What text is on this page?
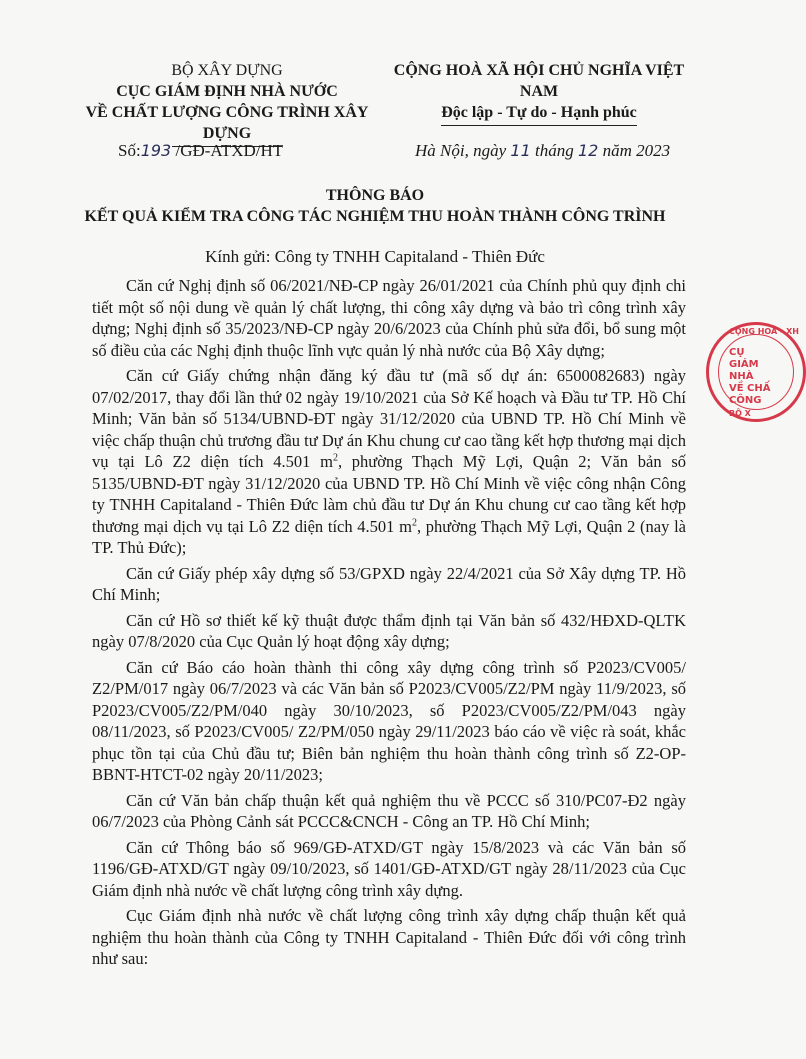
BỘ XÂY DỰNG
CỤC GIÁM ĐỊNH NHÀ NƯỚC
VỀ CHẤT LƯỢNG CÔNG TRÌNH XÂY DỰNG
CỘNG HOÀ XÃ HỘI CHỦ NGHĨA VIỆT NAM
Độc lập - Tự do - Hạnh phúc
Số:193 /GĐ-ATXD/HT	Hà Nội, ngày 11 tháng 12 năm 2023
THÔNG BÁO
KẾT QUẢ KIỂM TRA CÔNG TÁC NGHIỆM THU HOÀN THÀNH CÔNG TRÌNH
Kính gửi: Công ty TNHH Capitaland - Thiên Đức

Căn cứ Nghị định số 06/2021/NĐ-CP ngày 26/01/2021 của Chính phủ quy định chi tiết một số nội dung về quản lý chất lượng, thi công xây dựng và bảo trì công trình xây dựng; Nghị định số 35/2023/NĐ-CP ngày 20/6/2023 của Chính phủ sửa đổi, bổ sung một số điều của các Nghị định thuộc lĩnh vực quản lý nhà nước của Bộ Xây dựng;

Căn cứ Giấy chứng nhận đăng ký đầu tư (mã số dự án: 6500082683) ngày 07/02/2017, thay đổi lần thứ 02 ngày 19/10/2021 của Sở Kế hoạch và Đầu tư TP. Hồ Chí Minh; Văn bản số 5134/UBND-ĐT ngày 31/12/2020 của UBND TP. Hồ Chí Minh về việc chấp thuận chủ trương đầu tư Dự án Khu chung cư cao tầng kết hợp thương mại dịch vụ tại Lô Z2 diện tích 4.501 $m^2$, phường Thạch Mỹ Lợi, Quận 2; Văn bản số 5135/UBND-ĐT ngày 31/12/2020 của UBND TP. Hồ Chí Minh về việc công nhận Công ty TNHH Capitaland - Thiên Đức làm chủ đầu tư Dự án Khu chung cư cao tầng kết hợp thương mại dịch vụ tại Lô Z2 diện tích 4.501 $m^2$, phường Thạch Mỹ Lợi, Quận 2 (nay là TP. Thủ Đức);

Căn cứ Giấy phép xây dựng số 53/GPXD ngày 22/4/2021 của Sở Xây dựng TP. Hồ Chí Minh;

Căn cứ Hồ sơ thiết kế kỹ thuật được thẩm định tại Văn bản số 432/HĐXD-QLTK ngày 07/8/2020 của Cục Quản lý hoạt động xây dựng;

Căn cứ Báo cáo hoàn thành thi công xây dựng công trình số P2023/CV005/ Z2/PM/017 ngày 06/7/2023 và các Văn bản số P2023/CV005/Z2/PM ngày 11/9/2023, số P2023/CV005/Z2/PM/040 ngày 30/10/2023, số P2023/CV005/Z2/PM/043 ngày 08/11/2023, số P2023/CV005/ Z2/PM/050 ngày 29/11/2023 báo cáo về việc rà soát, khắc phục tồn tại của Chủ đầu tư; Biên bản nghiệm thu hoàn thành công trình số Z2-OP-BBNT-HTCT-02 ngày 20/11/2023;

Căn cứ Văn bản chấp thuận kết quả nghiệm thu về PCCC số 310/PC07-Đ2 ngày 06/7/2023 của Phòng Cảnh sát PCCC&CNCH - Công an TP. Hồ Chí Minh;

Căn cứ Thông báo số 969/GĐ-ATXD/GT ngày 15/8/2023 và các Văn bản số 1196/GĐ-ATXD/GT ngày 09/10/2023, số 1401/GĐ-ATXD/GT ngày 28/11/2023 của Cục Giám định nhà nước về chất lượng công trình xây dựng.

Cục Giám định nhà nước về chất lượng công trình xây dựng chấp thuận kết quả nghiệm thu hoàn thành của Công ty TNHH Capitaland - Thiên Đức đối với công trình như sau:

CỘNG HOÀ - XH
CỤ
GIÁM
NHÀ
VỀ CHẤ
CÔNG
BỘ X
